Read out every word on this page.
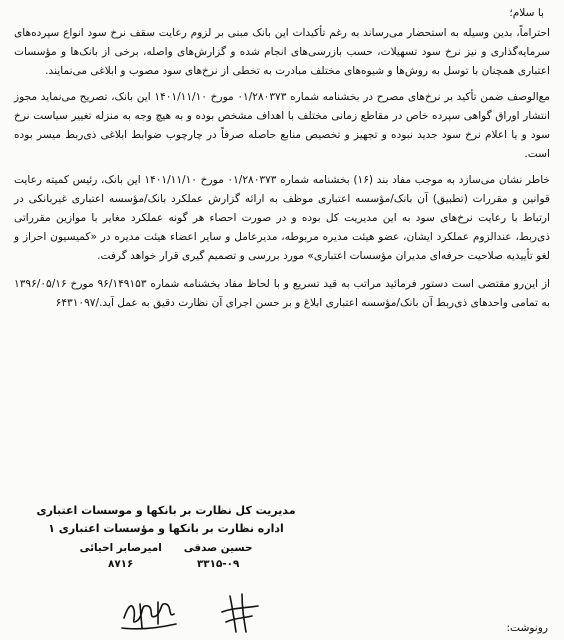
با سلام؛

احتراماً، بدین وسیله به استحضار می‌رساند به رغم تأکیدات این بانک مبنی بر لزوم رعایت سقف نرخ سود انواع سپرده‌های سرمایه‌گذاری و نیز نرخ سود تسهیلات، حسب بازرسی‌های انجام شده و گزارش‌های واصله، برخی از بانک‌ها و مؤسسات اعتباری همچنان با توسل به روش‌ها و شیوه‌های مختلف مبادرت به تخطی از نرخ‌های سود مصوب و ابلاغی می‌نمایند.

مع‌الوصف ضمن تأکید بر نرخ‌های مصرح در بخشنامه شماره ۰۱/۲۸۰۳۷۳ مورخ ۱۴۰۱/۱۱/۱۰ این بانک، تصریح می‌نماید مجوز انتشار اوراق گواهی سپرده خاص در مقاطع زمانی مختلف با اهداف مشخص بوده و به هیچ وجه به منزله تغییر سیاست نرخ سود و یا اعلام نرخ سود جدید نبوده و تجهیز و تخصیص منابع حاصله صرفاً در چارچوب ضوابط ابلاغی ذی‌ربط میسر بوده است.

خاطر نشان می‌سازد به موجب مفاد بند (۱۶) بخشنامه شماره ۰۱/۲۸۰۳۷۳ مورخ ۱۴۰۱/۱۱/۱۰ این بانک، رئیس کمیته رعایت قوانین و مقررات (تطبیق) آن بانک/مؤسسه اعتباری موظف به ارائه گزارش عملکرد بانک/مؤسسه اعتباری غیربانکی در ارتباط با رعایت نرخ‌های سود به این مدیریت کل بوده و در صورت احصاء هر گونه عملکرد مغایر با موازین مقرراتی ذی‌ربط، عندالزوم عملکرد ایشان، عضو هیئت مدیره مربوطه، مدیرعامل و سایر اعضاء هیئت مدیره در «کمیسیون احراز و لغو تأییدیه صلاحیت حرفه‌ای مدیران مؤسسات اعتباری» مورد بررسی و تصمیم گیری قرار خواهد گرفت.

از این‌رو مقتضی است دستور فرمائید مراتب به قید تسریع و با لحاظ مفاد بخشنامه شماره ۹۶/۱۴۹۱۵۳ مورخ ۱۳۹۶/۰۵/۱۶ به تمامی واحدهای ذی‌ربط آن بانک/مؤسسه اعتباری ابلاغ و بر حسن اجرای آن نظارت دقیق به عمل آید./۶۴۳۱۰۹۷

مدیریت کل نظارت بر بانکها و موسسات اعتباری
اداره نظارت بر بانکها و مؤسسات اعتباری ۱
حسین صدقی
۳۳۱۵-۰۹
امیرصابر احیائی
۸۷۱۶
رونوشت:
